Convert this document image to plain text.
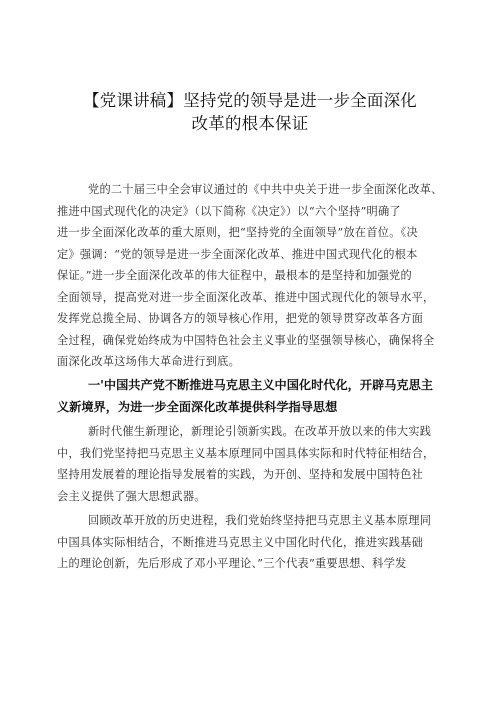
【党课讲稿】坚持党的领导是进一步全面深化
改革的根本保证
党的二十届三中全会审议通过的《中共中央关于进一步全面深化改革、
推进中国式现代化的决定》（以下简称《决定》）以“六个坚持”明确了
进一步全面深化改革的重大原则，把“坚持党的全面领导”放在首位。《决
定》强调：“党的领导是进一步全面深化改革、推进中国式现代化的根本
保证。”进一步全面深化改革的伟大征程中，最根本的是坚持和加强党的
全面领导，提高党对进一步全面深化改革、推进中国式现代化的领导水平，
发挥党总揽全局、协调各方的领导核心作用，把党的领导贯穿改革各方面
全过程，确保党始终成为中国特色社会主义事业的坚强领导核心，确保将全
面深化改革这场伟大革命进行到底。
一'中国共产党不断推进马克思主义中国化时代化，开辟马克思主
义新境界，为进一步全面深化改革提供科学指导思想
新时代催生新理论，新理论引领新实践。在改革开放以来的伟大实践
中，我们党坚持把马克思主义基本原理同中国具体实际和时代特征相结合，
坚持用发展着的理论指导发展着的实践，为开创、坚持和发展中国特色社
会主义提供了强大思想武器。
回顾改革开放的历史进程，我们党始终坚持把马克思主义基本原理同
中国具体实际相结合，不断推进马克思主义中国化时代化，推进实践基础
上的理论创新，先后形成了邓小平理论、”三个代表”重要思想、科学发
